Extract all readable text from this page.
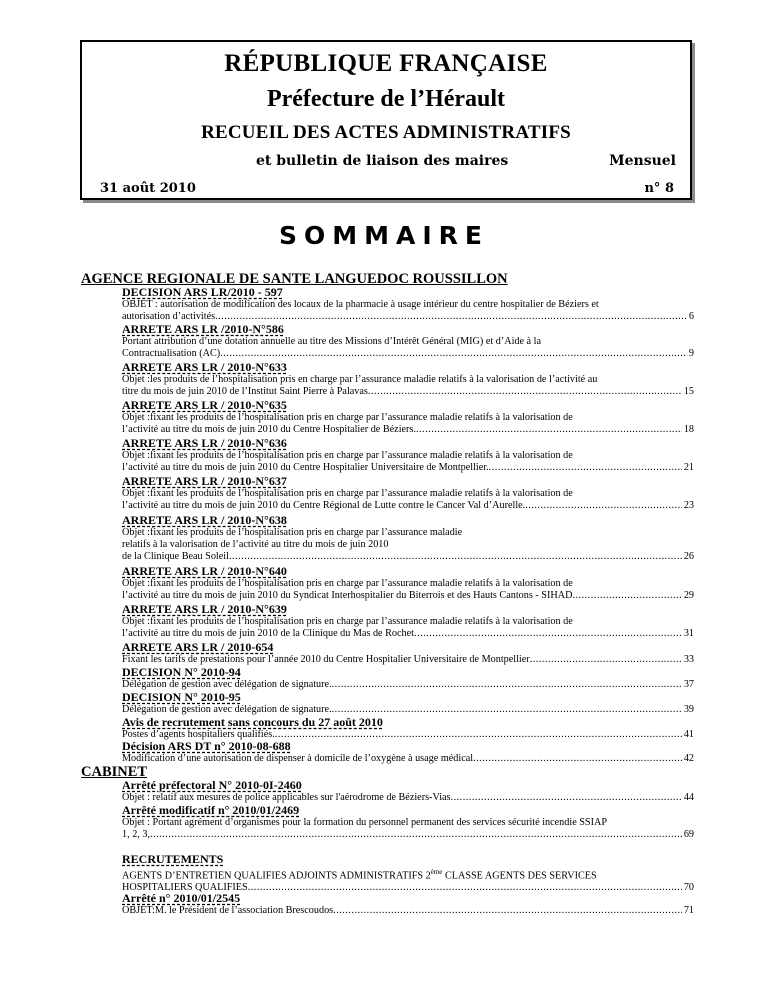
RÉPUBLIQUE FRANÇAISE
Préfecture de l’Hérault
RECUEIL DES ACTES ADMINISTRATIFS
et bulletin de liaison des maires	Mensuel
31 août 2010	n° 8
SOMMAIRE
AGENCE REGIONALE DE SANTE LANGUEDOC ROUSSILLON
DECISION ARS LR/2010 - 597
OBJET : autorisation de modification des locaux de la pharmacie à usage intérieur du centre hospitalier de Béziers et
autorisation d’activités .....	6
ARRETE ARS LR /2010-N°586
Portant attribution d’une dotation annuelle au titre des Missions d’Intérêt Général (MIG) et d’Aide à la
Contractualisation (AC) .....	9
ARRETE ARS LR / 2010-N°633
Objet :les produits de l’hospitalisation pris en charge par l’assurance maladie relatifs à la valorisation de l’activité au
titre du mois de juin 2010 de l’Institut Saint Pierre à Palavas .....	15
ARRETE ARS LR / 2010-N°635
Objet :fixant les produits de l’hospitalisation pris en charge par l’assurance maladie relatifs à la valorisation de
l’activité au titre du mois de juin 2010 du Centre Hospitalier de Béziers. .....	18
ARRETE ARS LR / 2010-N°636
Objet :fixant les produits de l’hospitalisation pris en charge par l’assurance maladie relatifs à la valorisation de
l’activité au titre du mois de juin 2010 du Centre Hospitalier Universitaire de Montpellier. .....	21
ARRETE ARS LR / 2010-N°637
Objet :fixant les produits de l’hospitalisation pris en charge par l’assurance maladie relatifs à la valorisation de
l’activité au titre du mois de juin 2010 du Centre Régional de Lutte contre le Cancer Val d’Aurelle. .....	23
ARRETE ARS LR / 2010-N°638
Objet :fixant les produits de l’hospitalisation pris en charge par l’assurance maladie
relatifs à la valorisation de l’activité au titre du mois de juin 2010
de la Clinique Beau Soleil .....	26
ARRETE ARS LR / 2010-N°640
Objet :fixant les produits de l’hospitalisation pris en charge par l’assurance maladie relatifs à la valorisation de
l’activité au titre du mois de juin 2010 du Syndicat Interhospitalier du Biterrois et des Hauts Cantons - SIHAD .....	29
ARRETE ARS LR / 2010-N°639
Objet :fixant les produits de l’hospitalisation pris en charge par l’assurance maladie relatifs à la valorisation de
l’activité au titre du mois de juin 2010 de la Clinique du Mas de Rochet .....	31
ARRETE ARS LR / 2010-654
Fixant les tarifs de prestations pour l’année 2010 du Centre Hospitalier Universitaire de Montpellier .....	33
DECISION N° 2010-94
Délégation de gestion avec délégation de signature. .....	37
DECISION N° 2010-95
Délégation de gestion avec délégation de signature. .....	39
Avis de recrutement sans concours du 27 août 2010
Postes d’agents hospitaliers qualifiés. .....	41
Décision ARS DT n° 2010-08-688
Modification d’une autorisation de dispenser à domicile de l’oxygène à usage médical .....	42
CABINET
Arrêté préfectoral N° 2010-0I-2460
Objet : relatif aux mesures de police applicables sur l'aérodrome de Béziers-Vias .....	44
Arrêté modificatif n° 2010/01/2469
Objet : Portant agrément d’organismes pour la formation du personnel permanent des services sécurité incendie SSIAP
1, 2, 3, .....	69
RECRUTEMENTS
AGENTS D’ENTRETIEN QUALIFIES ADJOINTS ADMINISTRATIFS 2ème CLASSE AGENTS DES SERVICES
HOSPITALIERS QUALIFIES .....	70
Arrêté n° 2010/01/2545
OBJET:M. le Président de l’association Brescoudos .....	71
